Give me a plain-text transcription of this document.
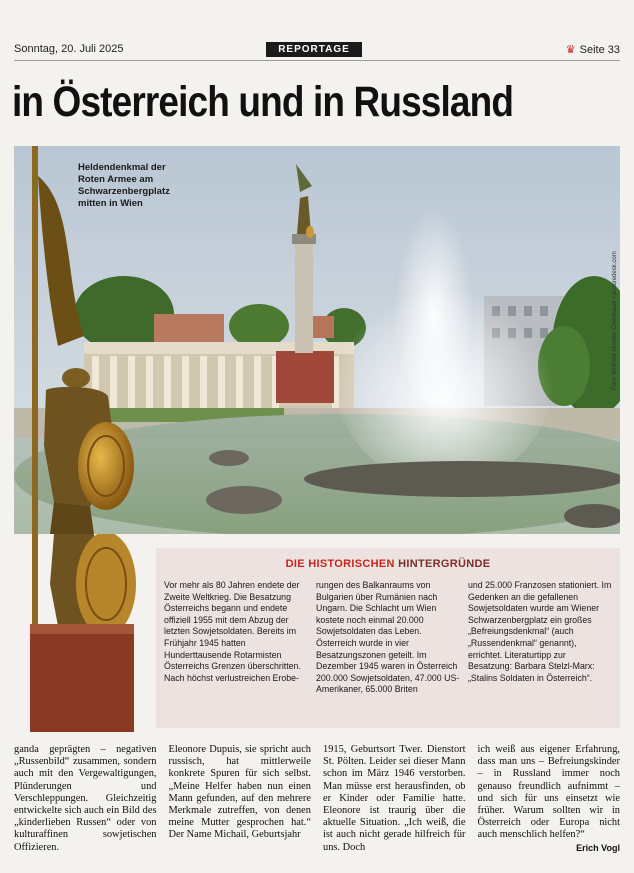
Sonntag, 20. Juli 2025	REPORTAGE	♛ Seite 33
in Österreich und in Russland
Heldendenkmal der
Roten Armee am
Schwarzenbergplatz
mitten in Wien
Foto: Willfried Gredler-Oxenbauer / picturedesk.com
DIE HISTORISCHEN HINTERGRÜNDE
Vor mehr als 80 Jahren endete der Zweite Weltkrieg. Die Besatzung Österreichs begann und endete offiziell 1955 mit dem Abzug der letzten Sowjetsoldaten. Bereits im Frühjahr 1945 hatten Hunderttausende Rotarmisten Österreichs Grenzen überschritten. Nach höchst verlustreichen Erobe-
rungen des Balkanraums von Bulgarien über Rumänien nach Ungarn. Die Schlacht um Wien kostete noch einmal 20.000 Sowjetsoldaten das Leben. Österreich wurde in vier Besatzungszonen geteilt. Im Dezember 1945 waren in Österreich 200.000 Sowjetsoldaten, 47.000 US-Amerikaner, 65.000 Briten
und 25.000 Franzosen stationiert. Im Gedenken an die gefallenen Sowjetsoldaten wurde am Wiener Schwarzenbergplatz ein großes „Befreiungsdenkmal“ (auch „Russendenkmal“ genannt), errichtet. Literaturtipp zur Besatzung: Barbara Stelzl-Marx: „Stalins Soldaten in Österreich“.
ganda geprägten – negativen „Russenbild“ zusammen, sondern auch mit den Vergewaltigungen, Plünderungen und Verschleppungen. Gleichzeitig entwickelte sich auch ein Bild des „kinderlieben Russen“ oder von kulturaffinen sowjetischen Offizieren.
Eleonore Dupuis, sie spricht auch russisch, hat mittlerweile konkrete Spuren für sich selbst. „Meine Helfer haben nun einen Mann gefunden, auf den mehrere Merkmale zutreffen, von denen meine Mutter gesprochen hat.“ Der Name Michail, Geburtsjahr
1915, Geburtsort Twer. Dienstort St. Pölten. Leider sei dieser Mann schon im März 1946 verstorben. Man müsse erst herausfinden, ob er Kinder oder Familie hatte. Eleonore ist traurig über die aktuelle Situation. „Ich weiß, die ist auch nicht gerade hilfreich für uns. Doch
ich weiß aus eigener Erfahrung, dass man uns – Befreiungskinder – in Russland immer noch genauso freundlich aufnimmt – und sich für uns einsetzt wie früher. Warum sollten wir in Österreich oder Europa nicht auch menschlich helfen?“
Erich Vogl
